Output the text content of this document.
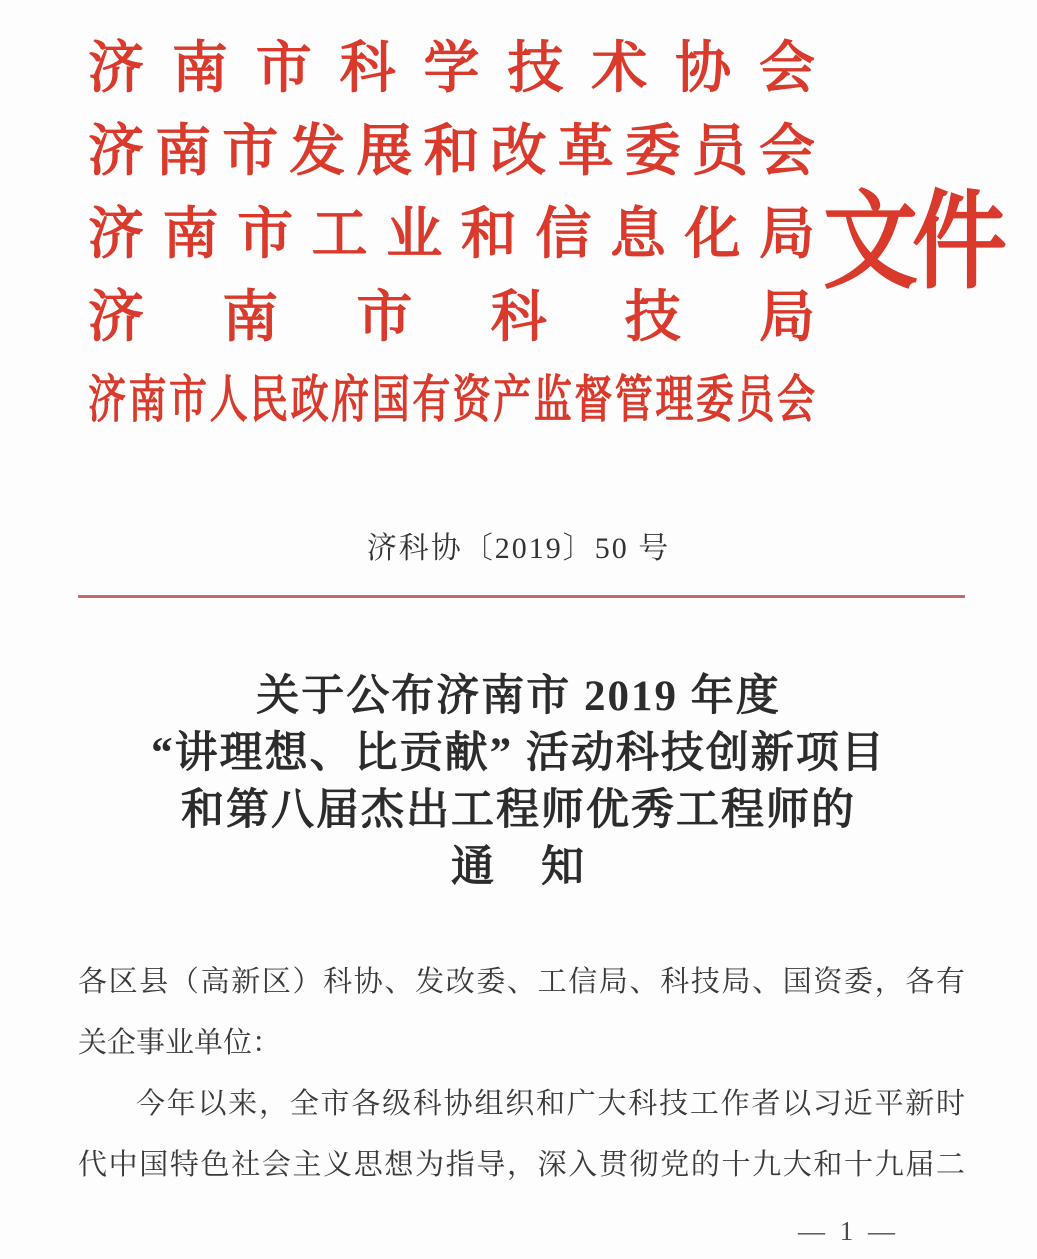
济南市科学技术协会
济南市发展和改革委员会
济南市工业和信息化局
济南市科技局
济南市人民政府国有资产监督管理委员会
文件
济科协〔2019〕50 号
关于公布济南市 2019 年度
“讲理想、比贡献” 活动科技创新项目
和第八届杰出工程师优秀工程师的
通　知
各区县（高新区）科协、发改委、工信局、科技局、国资委，各有
关企事业单位：
今年以来，全市各级科协组织和广大科技工作者以习近平新时
代中国特色社会主义思想为指导，深入贯彻党的十九大和十九届二
— 1 —
